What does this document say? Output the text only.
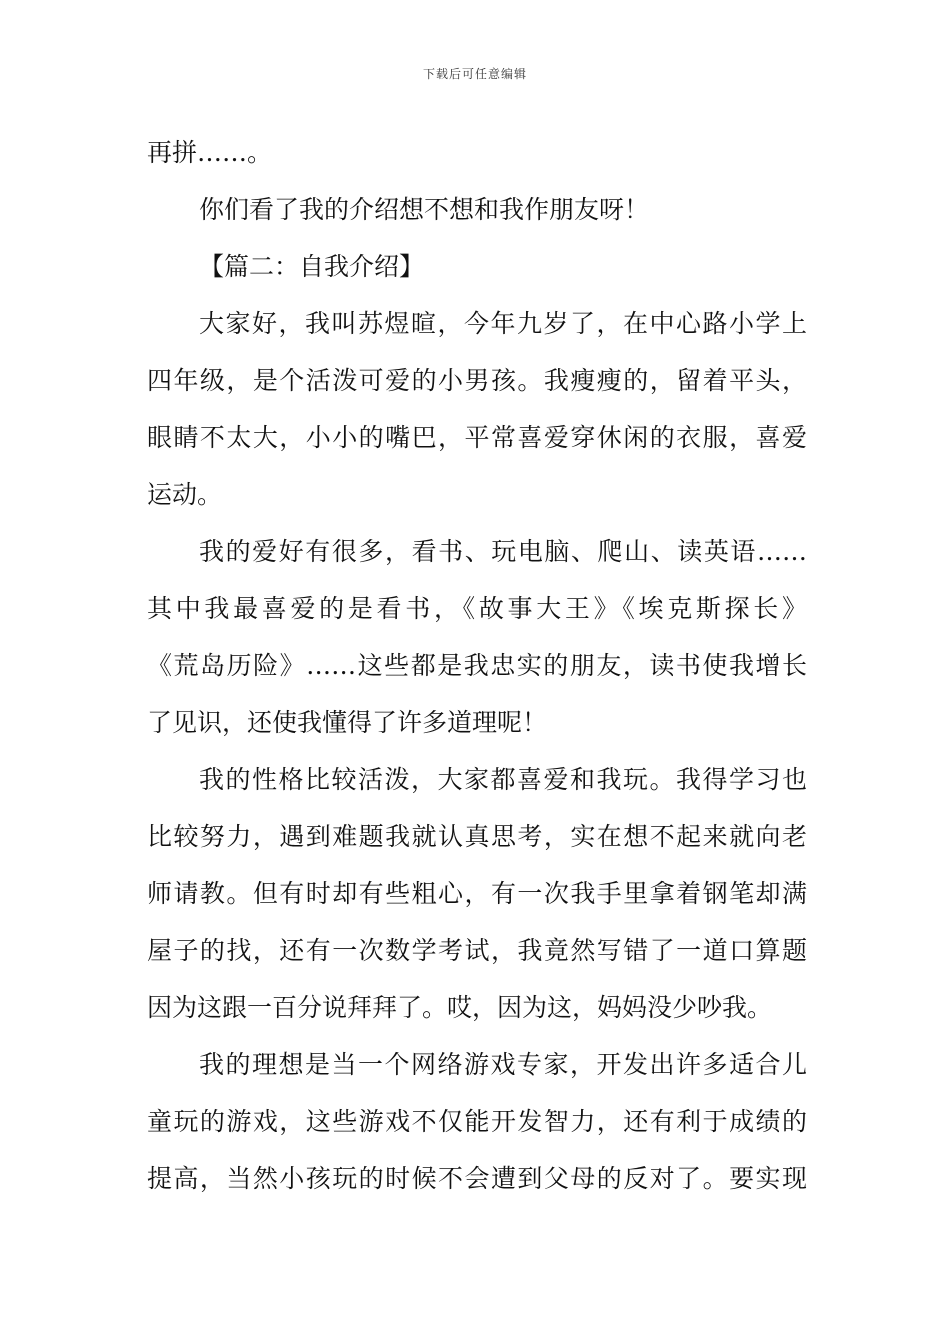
下载后可任意编辑
再拼……。
你们看了我的介绍想不想和我作朋友呀！
【篇二：自我介绍】
大家好，我叫苏煜暄，今年九岁了，在中心路小学上
四年级，是个活泼可爱的小男孩。我瘦瘦的，留着平头，
眼睛不太大，小小的嘴巴，平常喜爱穿休闲的衣服，喜爱
运动。
我的爱好有很多，看书、玩电脑、爬山、读英语……
其中我最喜爱的是看书，《故事大王》《埃克斯探长》
《荒岛历险》……这些都是我忠实的朋友，读书使我增长
了见识，还使我懂得了许多道理呢！
我的性格比较活泼，大家都喜爱和我玩。我得学习也
比较努力，遇到难题我就认真思考，实在想不起来就向老
师请教。但有时却有些粗心，有一次我手里拿着钢笔却满
屋子的找，还有一次数学考试，我竟然写错了一道口算题
因为这跟一百分说拜拜了。哎，因为这，妈妈没少吵我。
我的理想是当一个网络游戏专家，开发出许多适合儿
童玩的游戏，这些游戏不仅能开发智力，还有利于成绩的
提高，当然小孩玩的时候不会遭到父母的反对了。要实现
